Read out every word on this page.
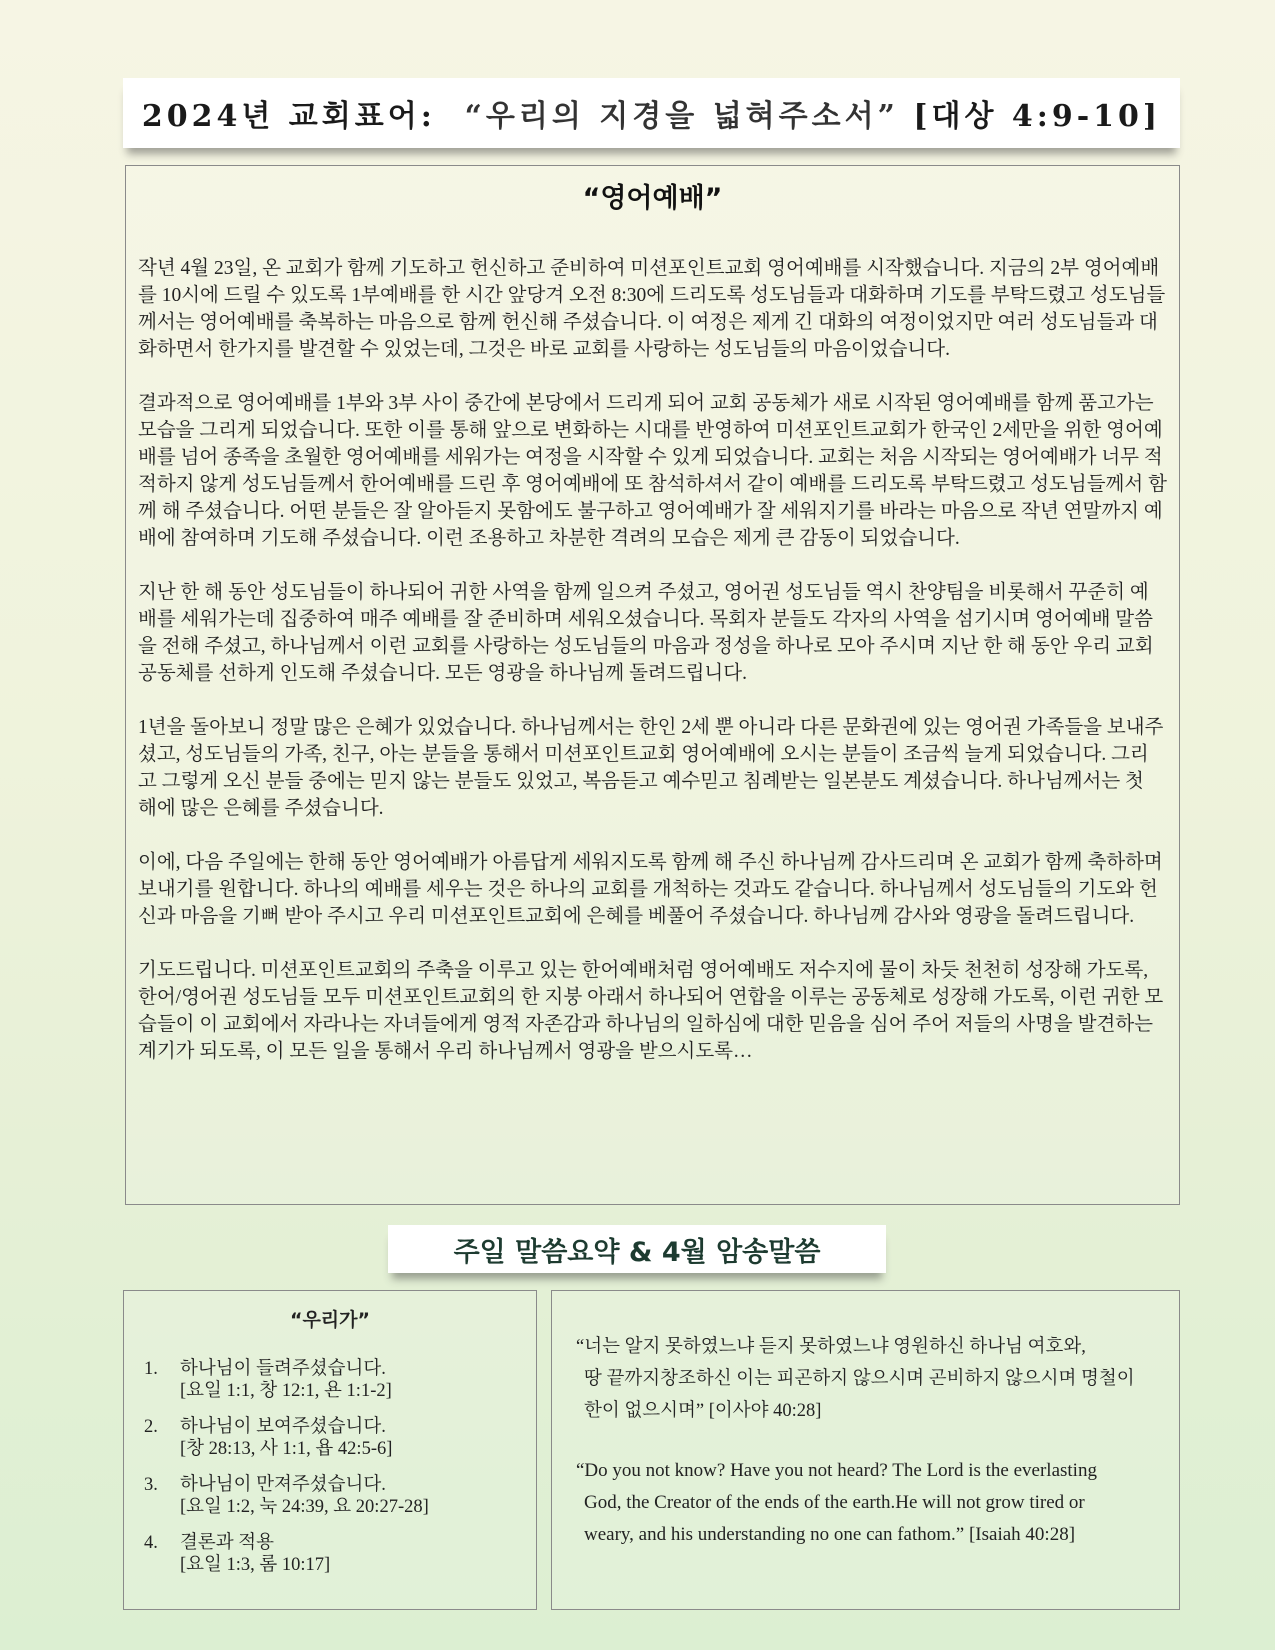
2024년 교회표어:
“우리의 지경을 넓혀주소서”
[대상 4:9-10]
“영어예배”

작년 4월 23일, 온 교회가 함께 기도하고 헌신하고 준비하여 미션포인트교회 영어예배를 시작했습니다. 지금의 2부 영어예배를 10시에 드릴 수 있도록 1부예배를 한 시간 앞당겨 오전 8:30에 드리도록 성도님들과 대화하며 기도를 부탁드렸고 성도님들께서는 영어예배를 축복하는 마음으로 함께 헌신해 주셨습니다. 이 여정은 제게 긴 대화의 여정이었지만 여러 성도님들과 대화하면서 한가지를 발견할 수 있었는데, 그것은 바로 교회를 사랑하는 성도님들의 마음이었습니다.

결과적으로 영어예배를 1부와 3부 사이 중간에 본당에서 드리게 되어 교회 공동체가 새로 시작된 영어예배를 함께 품고가는 모습을 그리게 되었습니다. 또한 이를 통해 앞으로 변화하는 시대를 반영하여 미션포인트교회가 한국인 2세만을 위한 영어예배를 넘어 종족을 초월한 영어예배를 세워가는 여정을 시작할 수 있게 되었습니다. 교회는 처음 시작되는 영어예배가 너무 적적하지 않게 성도님들께서 한어예배를 드린 후 영어예배에 또 참석하셔서 같이 예배를 드리도록 부탁드렸고 성도님들께서 함께 해 주셨습니다. 어떤 분들은 잘 알아듣지 못함에도 불구하고 영어예배가 잘 세워지기를 바라는 마음으로 작년 연말까지 예배에 참여하며 기도해 주셨습니다. 이런 조용하고 차분한 격려의 모습은 제게 큰 감동이 되었습니다.

지난 한 해 동안 성도님들이 하나되어 귀한 사역을 함께 일으켜 주셨고, 영어권 성도님들 역시 찬양팀을 비롯해서 꾸준히 예배를 세워가는데 집중하여 매주 예배를 잘 준비하며 세워오셨습니다. 목회자 분들도 각자의 사역을 섬기시며 영어예배 말씀을 전해 주셨고, 하나님께서 이런 교회를 사랑하는 성도님들의 마음과 정성을 하나로 모아 주시며 지난 한 해 동안 우리 교회 공동체를 선하게 인도해 주셨습니다. 모든 영광을 하나님께 돌려드립니다.

1년을 돌아보니 정말 많은 은혜가 있었습니다. 하나님께서는 한인 2세 뿐 아니라 다른 문화권에 있는 영어권 가족들을 보내주셨고, 성도님들의 가족, 친구, 아는 분들을 통해서 미션포인트교회 영어예배에 오시는 분들이 조금씩 늘게 되었습니다. 그리고 그렇게 오신 분들 중에는 믿지 않는 분들도 있었고, 복음듣고 예수믿고 침례받는 일본분도 계셨습니다. 하나님께서는 첫 해에 많은 은혜를 주셨습니다.

이에, 다음 주일에는 한해 동안 영어예배가 아름답게 세워지도록 함께 해 주신 하나님께 감사드리며 온 교회가 함께 축하하며 보내기를 원합니다. 하나의 예배를 세우는 것은 하나의 교회를 개척하는 것과도 같습니다. 하나님께서 성도님들의 기도와 헌신과 마음을 기뻐 받아 주시고 우리 미션포인트교회에 은혜를 베풀어 주셨습니다. 하나님께 감사와 영광을 돌려드립니다.

기도드립니다. 미션포인트교회의 주축을 이루고 있는 한어예배처럼 영어예배도 저수지에 물이 차듯 천천히 성장해 가도록, 한어/영어권 성도님들 모두 미션포인트교회의 한 지붕 아래서 하나되어 연합을 이루는 공동체로 성장해 가도록, 이런 귀한 모습들이 이 교회에서 자라나는 자녀들에게 영적 자존감과 하나님의 일하심에 대한 믿음을 심어 주어 저들의 사명을 발견하는 계기가 되도록, 이 모든 일을 통해서 우리 하나님께서 영광을 받으시도록…

주일 말씀요약 & 4월 암송말씀
“우리가”
1.	하나님이 들려주셨습니다.
[요일 1:1, 창 12:1, 욘 1:1-2]
2.	하나님이 보여주셨습니다.
[창 28:13, 사 1:1, 욥 42:5-6]
3.	하나님이 만져주셨습니다.
[요일 1:2, 눅 24:39, 요 20:27-28]
4.	결론과 적용
[요일 1:3, 롬 10:17]
“너는 알지 못하였느냐 듣지 못하였느냐 영원하신 하나님 여호와,
땅 끝까지창조하신 이는 피곤하지 않으시며 곤비하지 않으시며 명철이
한이 없으시며” [이사야 40:28]
“Do you not know? Have you not heard? The Lord is the everlasting
God, the Creator of the ends of the earth.He will not grow tired or
weary, and his understanding no one can fathom.” [Isaiah 40:28]
